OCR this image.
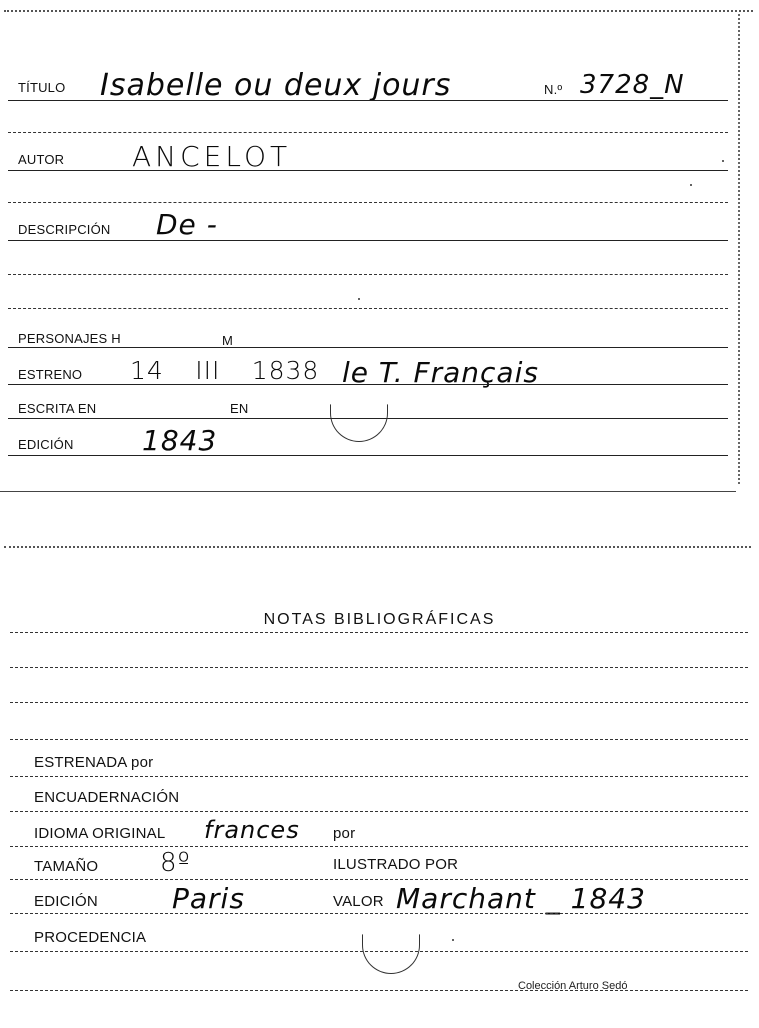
TÍTULO Isabelle ou deux jours	N.º 3728_N
AUTOR ANCELOT
DESCRIPCIÓN De -
PERSONAJES H	M
ESTRENO 14 _ III _ 1838 le T. Français
ESCRITA EN	EN
EDICIÓN 1843
NOTAS BIBLIOGRÁFICAS
ESTRENADA por
ENCUADERNACIÓN
IDIOMA ORIGINAL frances por
TAMAÑO 8º	ILUSTRADO POR
EDICIÓN	Paris	VALOR Marchant _ 1843
PROCEDENCIA
Colección Arturo Sedó
